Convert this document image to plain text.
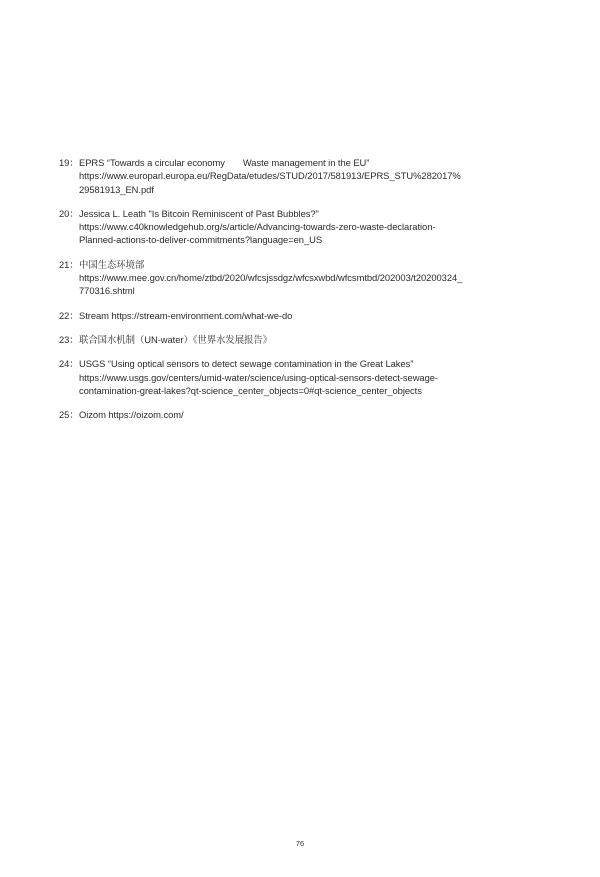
19： EPRS “Towards a circular economy Waste management in the EU”
https://www.europarl.europa.eu/RegData/etudes/STUD/2017/581913/EPRS_STU%282017%
29581913_EN.pdf
20： Jessica L. Leath "Is Bitcoin Reminiscent of Past Bubbles?"
https://www.c40knowledgehub.org/s/article/Advancing-towards-zero-waste-declaration-
Planned-actions-to-deliver-commitments?language=en_US
21： 中国生态环境部
https://www.mee.gov.cn/home/ztbd/2020/wfcsjssdgz/wfcsxwbd/wfcsmtbd/202003/t20200324_
770316.shtml
22： Stream https://stream-environment.com/what-we-do
23： 联合国水机制（UN-water）《世界水发展报告》
24： USGS “Using optical sensors to detect sewage contamination in the Great Lakes”
https://www.usgs.gov/centers/umid-water/science/using-optical-sensors-detect-sewage-
contamination-great-lakes?qt-science_center_objects=0#qt-science_center_objects
25： Oizom https://oizom.com/
76
